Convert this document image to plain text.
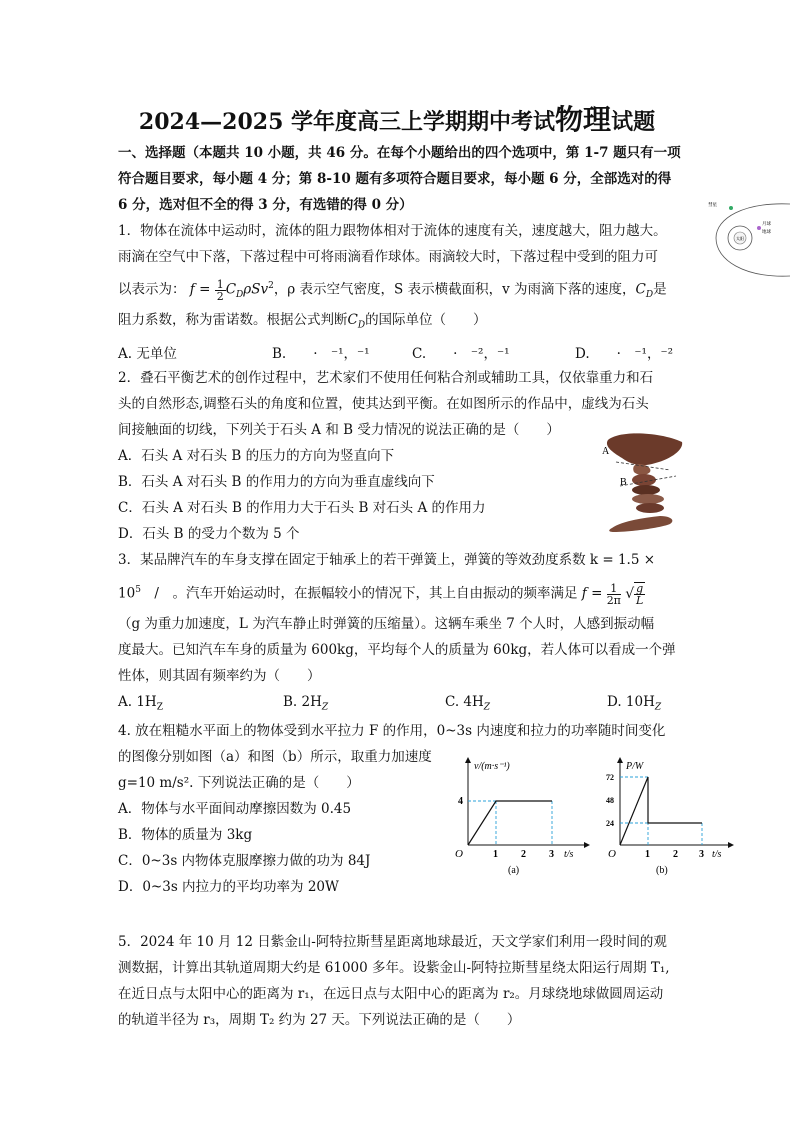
2024—2025 学年度高三上学期期中考试物理试题
一、选择题（本题共 10 小题，共 46 分。在每个小题给出的四个选项中，第 1-7 题只有一项
符合题目要求，每小题 4 分；第 8-10 题有多项符合题目要求，每小题 6 分，全部选对的得
6 分，选对但不全的得 3 分，有选错的得 0 分）
1．物体在流体中运动时，流体的阻力跟物体相对于流体的速度有关，速度越大，阻力越大。
雨滴在空气中下落，下落过程中可将雨滴看作球体。雨滴较大时，下落过程中受到的阻力可
以表示为： $f = \frac{1}{2} C_D\rho Sv^2$，ρ 表示空气密度，S 表示横截面积，v 为雨滴下落的速度，$C_D$是
阻力系数，称为雷诺数。根据公式判断$C_D$的国际单位（　　）
A. 无单位	B.　　·　⁻¹，⁻¹	C.　　·　⁻²，⁻¹	D.　　·　⁻¹，⁻²
2．叠石平衡艺术的创作过程中，艺术家们不使用任何粘合剂或辅助工具，仅依靠重力和石
头的自然形态,调整石头的角度和位置，使其达到平衡。在如图所示的作品中，虚线为石头
间接触面的切线，下列关于石头 A 和 B 受力情况的说法正确的是（　　）
A．石头 A 对石头 B 的压力的方向为竖直向下
B．石头 A 对石头 B 的作用力的方向为垂直虚线向下
C．石头 A 对石头 B 的作用力大于石头 B 对石头 A 的作用力
D．石头 B 的受力个数为 5 个
A
B
3．某品牌汽车的车身支撑在固定于轴承上的若干弹簧上，弹簧的等效劲度系数 k = 1.5 ×
$10^5$　/　。汽车开始运动时，在振幅较小的情况下，其上自由振动的频率满足 $f = \frac{1}{2\pi}$ √ $\frac{g}{L}$
（g 为重力加速度，L 为汽车静止时弹簧的压缩量）。这辆车乘坐 7 个人时，人感到振动幅
度最大。已知汽车车身的质量为 600kg，平均每个人的质量为 60kg，若人体可以看成一个弹
性体，则其固有频率约为（　　）
A. $1H_Z$	B. $2H_Z$	C. $4H_Z$	D. $10H_Z$
4. 放在粗糙水平面上的物体受到水平拉力 F 的作用，0~3s 内速度和拉力的功率随时间变化
的图像分别如图（a）和图（b）所示，取重力加速度
g=10 m/s². 下列说法正确的是（　　）
A．物体与水平面间动摩擦因数为 0.45
B．物体的质量为 3kg
C．0~3s 内物体克服摩擦力做的功为 84J
D．0~3s 内拉力的平均功率为 20W
v/(m·s⁻¹)
4
O	1 2 3 t/s
(a)
P/W
72
48
24
O	1 2 3 t/s
(b)
太阳
彗星
月球
地球
5．2024 年 10 月 12 日紫金山-阿特拉斯彗星距离地球最近，天文学家们利用一段时间的观
测数据，计算出其轨道周期大约是 61000 多年。设紫金山-阿特拉斯彗星绕太阳运行周期 T₁,
在近日点与太阳中心的距离为 r₁，在远日点与太阳中心的距离为 r₂。月球绕地球做圆周运动
的轨道半径为 r₃，周期 T₂ 约为 27 天。下列说法正确的是（　　）
